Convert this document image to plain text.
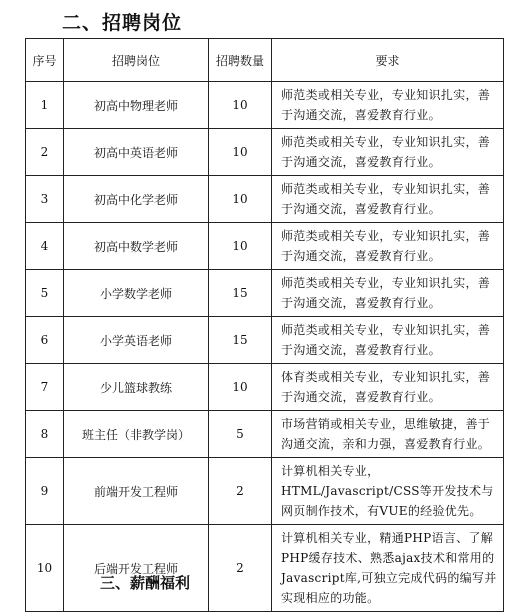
二、招聘岗位
序号	招聘岗位	招聘数量	要求
1	初高中物理老师	10	师范类或相关专业，专业知识扎实，善于沟通交流，喜爱教育行业。
2	初高中英语老师	10	师范类或相关专业，专业知识扎实，善于沟通交流，喜爱教育行业。
3	初高中化学老师	10	师范类或相关专业，专业知识扎实，善于沟通交流，喜爱教育行业。
4	初高中数学老师	10	师范类或相关专业，专业知识扎实，善于沟通交流，喜爱教育行业。
5	小学数学老师	15	师范类或相关专业，专业知识扎实，善于沟通交流，喜爱教育行业。
6	小学英语老师	15	师范类或相关专业，专业知识扎实，善于沟通交流，喜爱教育行业。
7	少儿篮球教练	10	体育类或相关专业，专业知识扎实，善于沟通交流，喜爱教育行业。
8	班主任（非教学岗）	5	市场营销或相关专业，思维敏捷，善于沟通交流，亲和力强，喜爱教育行业。
9	前端开发工程师	2	计算机相关专业，HTML/Javascript/CSS等开发技术与网页制作技术，有VUE的经验优先。
10	后端开发工程师	2	计算机相关专业，精通PHP语言、了解PHP缓存技术、熟悉ajax技术和常用的Javascript库,可独立完成代码的编写并实现相应的功能。
三、薪酬福利
